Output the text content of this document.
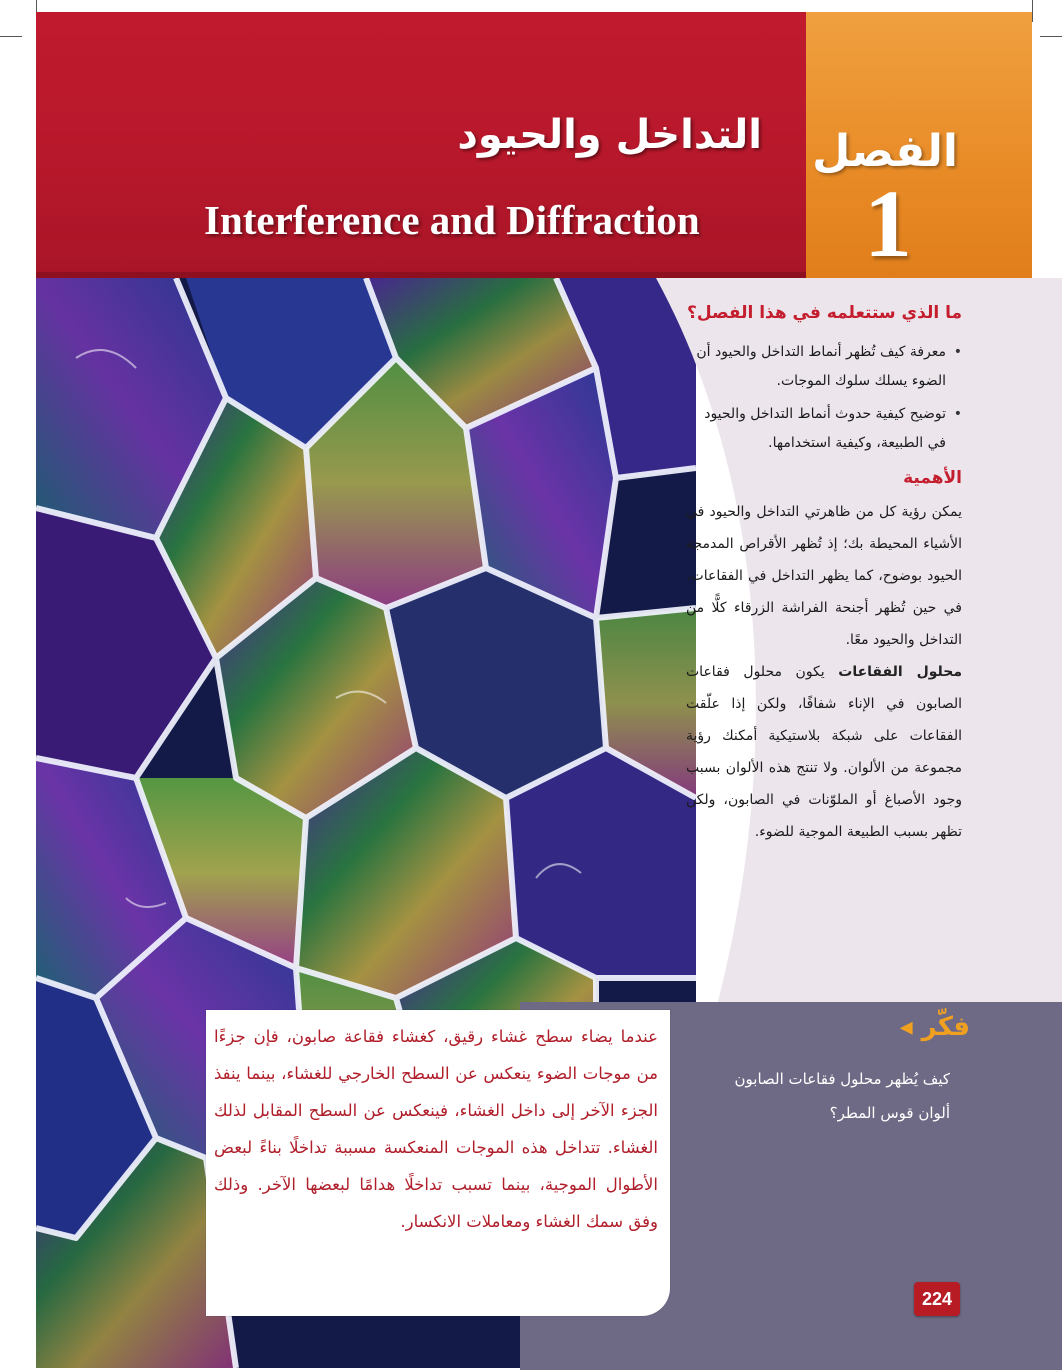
التداخل والحيود
Interference and Diffraction
الفصل
1
ما الذي ستتعلمه في هذا الفصل؟
• معرفة كيف تُظهر أنماط التداخل والحيود أن الضوء يسلك سلوك الموجات.
• توضيح كيفية حدوث أنماط التداخل والحيود في الطبيعة، وكيفية استخدامها.
الأهمية

يمكن رؤية كل من ظاهرتي التداخل والحيود في الأشياء المحيطة بك؛ إذ تُظهر الأقراص المدمجة الحيود بوضوح، كما يظهر التداخل في الفقاعات، في حين تُظهر أجنحة الفراشة الزرقاء كلًّا من التداخل والحيود معًا.

محلول الفقاعات يكون محلول فقاعات الصابون في الإناء شفافًا، ولكن إذا علّقت الفقاعات على شبكة بلاستيكية أمكنك رؤية مجموعة من الألوان. ولا تنتج هذه الألوان بسبب وجود الأصباغ أو الملوّنات في الصابون، ولكن تظهر بسبب الطبيعة الموجية للضوء.

فكّر ◂

كيف يُظهر محلول فقاعات الصابون ألوان قوس المطر؟

224

عندما يضاء سطح غشاء رقيق، كغشاء فقاعة صابون، فإن جزءًا من موجات الضوء ينعكس عن السطح الخارجي للغشاء، بينما ينفذ الجزء الآخر إلى داخل الغشاء، فينعكس عن السطح المقابل لذلك الغشاء. تتداخل هذه الموجات المنعكسة مسببة تداخلًا بناءً لبعض الأطوال الموجية، بينما تسبب تداخلًا هدامًا لبعضها الآخر. وذلك وفق سمك الغشاء ومعاملات الانكسار.
